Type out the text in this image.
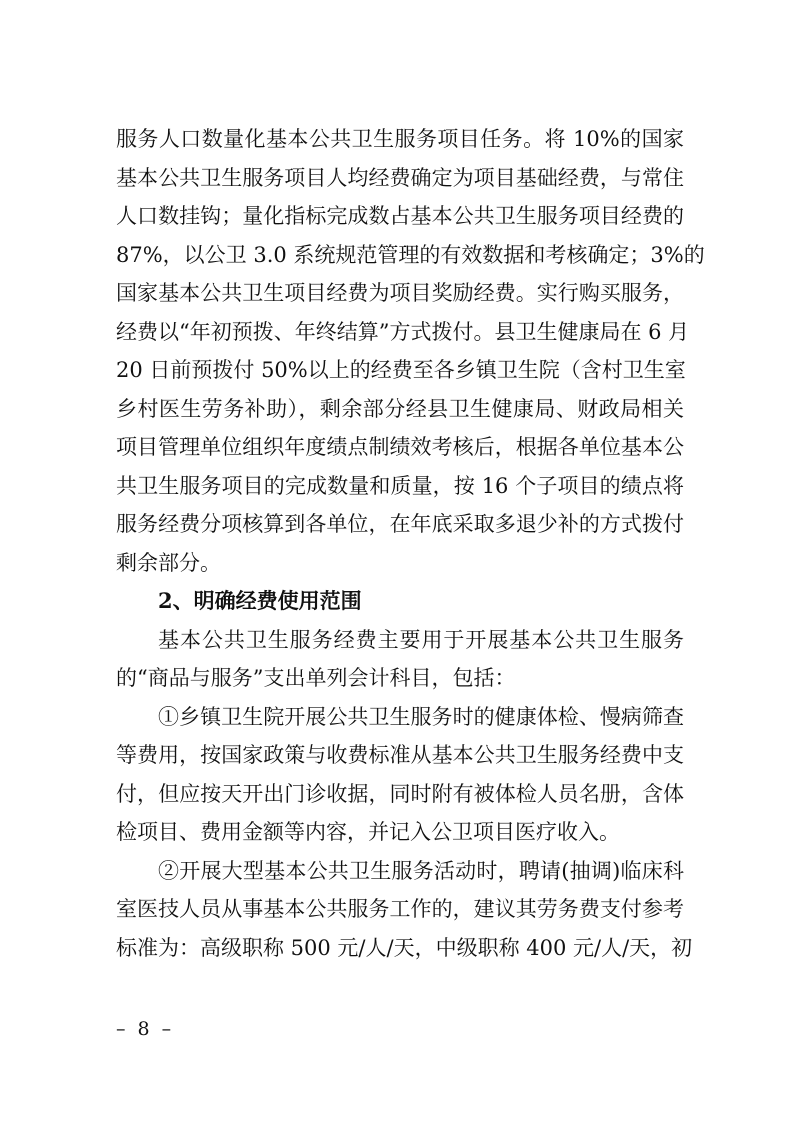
服务人口数量化基本公共卫生服务项目任务。将 10%的国家
基本公共卫生服务项目人均经费确定为项目基础经费，与常住
人口数挂钩；量化指标完成数占基本公共卫生服务项目经费的
87%，以公卫 3.0 系统规范管理的有效数据和考核确定；3%的
国家基本公共卫生项目经费为项目奖励经费。实行购买服务，
经费以“年初预拨、年终结算”方式拨付。县卫生健康局在 6 月
20 日前预拨付 50%以上的经费至各乡镇卫生院（含村卫生室
乡村医生劳务补助），剩余部分经县卫生健康局、财政局相关
项目管理单位组织年度绩点制绩效考核后，根据各单位基本公
共卫生服务项目的完成数量和质量，按 16 个子项目的绩点将
服务经费分项核算到各单位，在年底采取多退少补的方式拨付
剩余部分。
2、明确经费使用范围
基本公共卫生服务经费主要用于开展基本公共卫生服务
的“商品与服务”支出单列会计科目，包括：
①乡镇卫生院开展公共卫生服务时的健康体检、慢病筛查
等费用，按国家政策与收费标准从基本公共卫生服务经费中支
付，但应按天开出门诊收据，同时附有被体检人员名册，含体
检项目、费用金额等内容，并记入公卫项目医疗收入。
②开展大型基本公共卫生服务活动时，聘请(抽调)临床科
室医技人员从事基本公共服务工作的，建议其劳务费支付参考
标准为：高级职称 500 元/人/天，中级职称 400 元/人/天，初
– 8 –
